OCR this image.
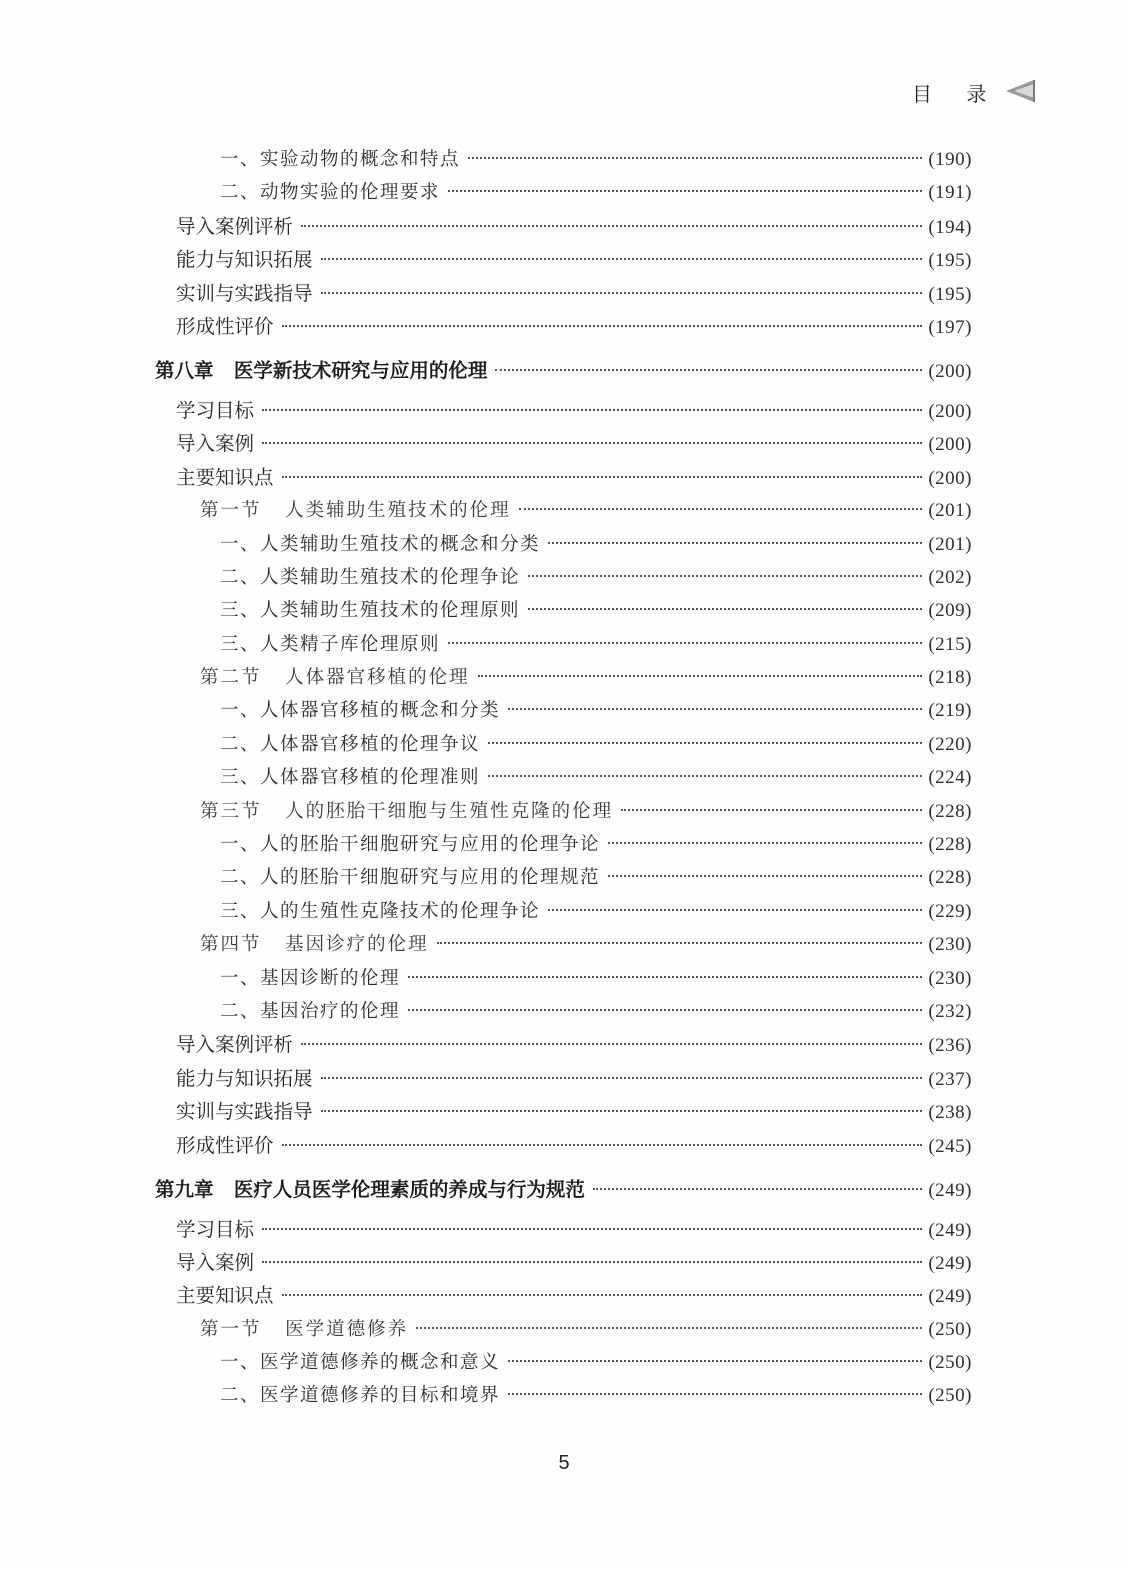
目 录
一、实验动物的概念和特点	(190)
二、动物实验的伦理要求	(191)
导入案例评析	(194)
能力与知识拓展	(195)
实训与实践指导	(195)
形成性评价	(197)
第八章   医学新技术研究与应用的伦理	(200)
学习目标	(200)
导入案例	(200)
主要知识点	(200)
第一节   人类辅助生殖技术的伦理	(201)
一、人类辅助生殖技术的概念和分类	(201)
二、人类辅助生殖技术的伦理争论	(202)
三、人类辅助生殖技术的伦理原则	(209)
三、人类精子库伦理原则	(215)
第二节   人体器官移植的伦理	(218)
一、人体器官移植的概念和分类	(219)
二、人体器官移植的伦理争议	(220)
三、人体器官移植的伦理准则	(224)
第三节   人的胚胎干细胞与生殖性克隆的伦理	(228)
一、人的胚胎干细胞研究与应用的伦理争论	(228)
二、人的胚胎干细胞研究与应用的伦理规范	(228)
三、人的生殖性克隆技术的伦理争论	(229)
第四节   基因诊疗的伦理	(230)
一、基因诊断的伦理	(230)
二、基因治疗的伦理	(232)
导入案例评析	(236)
能力与知识拓展	(237)
实训与实践指导	(238)
形成性评价	(245)
第九章   医疗人员医学伦理素质的养成与行为规范	(249)
学习目标	(249)
导入案例	(249)
主要知识点	(249)
第一节   医学道德修养	(250)
一、医学道德修养的概念和意义	(250)
二、医学道德修养的目标和境界	(250)
5
